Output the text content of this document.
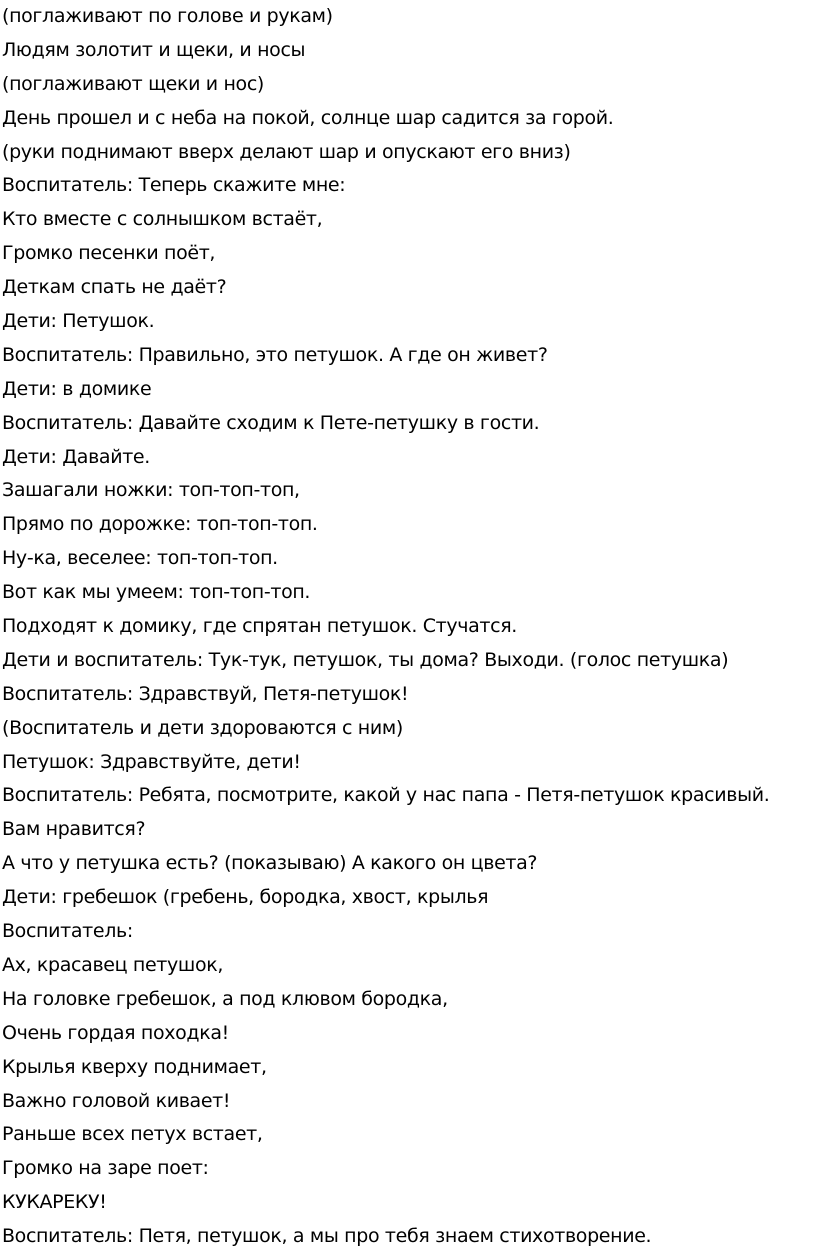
(поглаживают по голове и рукам)

Людям золотит и щеки, и носы

(поглаживают щеки и нос)

День прошел и с неба на покой, солнце шар садится за горой.

(руки поднимают вверх делают шар и опускают его вниз)

Воспитатель: Теперь скажите мне:

Кто вместе с солнышком встаёт,

Громко песенки поёт,

Деткам спать не даёт?

Дети: Петушок.

Воспитатель: Правильно, это петушок. А где он живет?

Дети: в домике

Воспитатель: Давайте сходим к Пете-петушку в гости.

Дети: Давайте.

Зашагали ножки: топ-топ-топ,

Прямо по дорожке: топ-топ-топ.

Ну-ка, веселее: топ-топ-топ.

Вот как мы умеем: топ-топ-топ.

Подходят к домику, где спрятан петушок. Стучатся.

Дети и воспитатель: Тук-тук, петушок, ты дома? Выходи. (голос петушка)

Воспитатель: Здравствуй, Петя-петушок!

(Воспитатель и дети здороваются с ним)

Петушок: Здравствуйте, дети!

Воспитатель: Ребята, посмотрите, какой у нас папа - Петя-петушок красивый.

Вам нравится?

А что у петушка есть? (показываю) А какого он цвета?

Дети: гребешок (гребень, бородка, хвост, крылья

Воспитатель:

Ах, красавец петушок,

На головке гребешок, а под клювом бородка,

Очень гордая походка!

Крылья кверху поднимает,

Важно головой кивает!

Раньше всех петух встает,

Громко на заре поет:

КУКАРЕКУ!

Воспитатель: Петя, петушок, а мы про тебя знаем стихотворение.
